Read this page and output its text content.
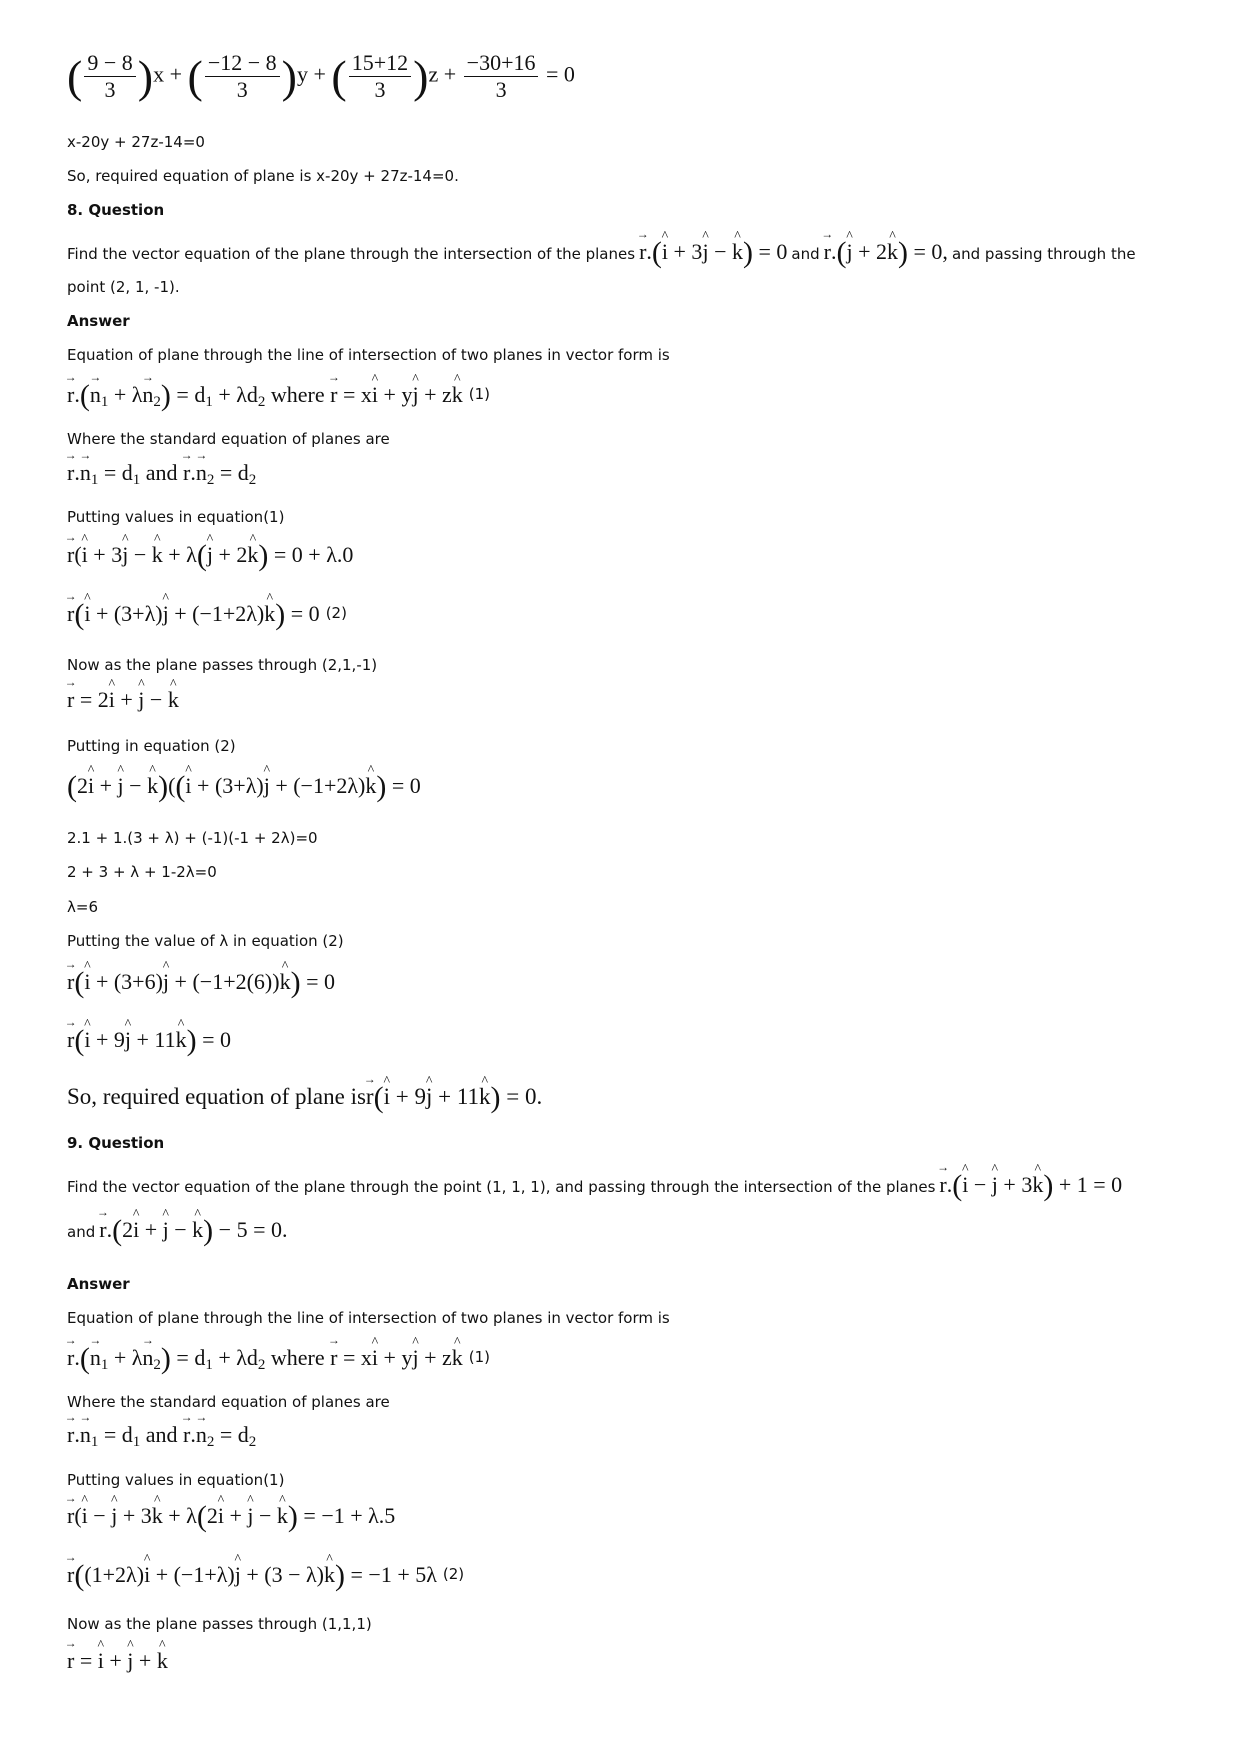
( $\frac{9 - 8}{3} )x$ + ( $\frac{-12 - 8}{3} )y$ + ( $\frac{15+12}{3} )z + \frac{-30+16}{3} = 0$
x-20y + 27z-14=0
So, required equation of plane is x-20y + 27z-14=0.
8. Question
Find the vector equation of the plane through the intersection of the planes → r.(^ i + 3^ j − ^ k) = 0 and → r.(^ j + 2^ k) = 0, and passing through the
point (2, 1, -1).
Answer
Equation of plane through the line of intersection of two planes in vector form is
→ r.(→ n1 + λ→ n2) = d1 + λd2 where → r = x^ i + y^ j + z^ k (1)
Where the standard equation of planes are
→ r.→ n1 = d1 and → r.→ n2 = d2
Putting values in equation(1)
→ r(^ i + 3^ j − ^ k + λ(^ j + 2^ k) = 0 + λ.0
→ r(^ i + (3+λ)^ j + (−1+2λ)^ k) = 0 (2)
Now as the plane passes through (2,1,-1)
→ r = 2^ i + ^ j − ^ k
Putting in equation (2)
(2^ i + ^ j − ^ k)((^ i + (3+λ)^ j + (−1+2λ)^ k) = 0
2.1 + 1.(3 + λ) + (-1)(-1 + 2λ)=0
2 + 3 + λ + 1-2λ=0
λ=6
Putting the value of λ in equation (2)
→ r(^ i + (3+6)^ j + (−1+2(6))^ k) = 0
→ r(^ i + 9^ j + 11^ k) = 0
So, required equation of plane is→ r(^ i + 9^ j + 11^ k) = 0.
9. Question
Find the vector equation of the plane through the point (1, 1, 1), and passing through the intersection of the planes → r.(^ i − ^ j + 3^ k) + 1 = 0
and → r.(2^ i + ^ j − ^ k) − 5 = 0.
Answer
Equation of plane through the line of intersection of two planes in vector form is
→ r.(→ n1 + λ→ n2) = d1 + λd2 where → r = x^ i + y^ j + z^ k (1)
Where the standard equation of planes are
→ r.→ n1 = d1 and → r.→ n2 = d2
Putting values in equation(1)
→ r(^ i − ^ j + 3^ k + λ(2^ i + ^ j − ^ k) = −1 + λ.5
→ r((1+2λ)^ i + (−1+λ)^ j + (3 − λ)^ k) = −1 + 5λ (2)
Now as the plane passes through (1,1,1)
→ r = ^ i + ^ j + ^ k
